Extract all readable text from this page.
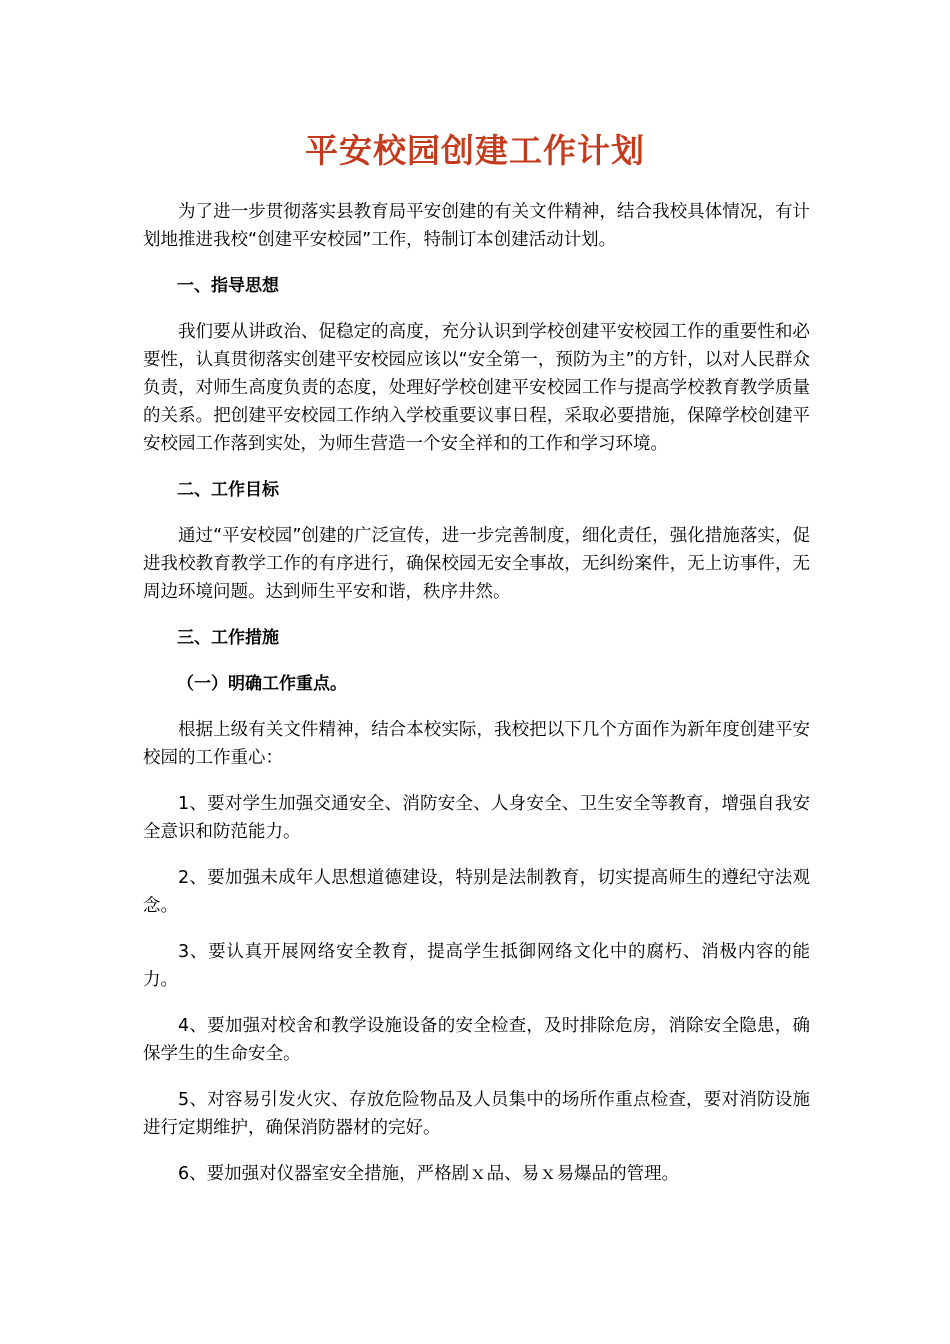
平安校园创建工作计划

为了进一步贯彻落实县教育局平安创建的有关文件精神，结合我校具体情况，有计划地推进我校“创建平安校园”工作，特制订本创建活动计划。

一、指导思想

我们要从讲政治、促稳定的高度，充分认识到学校创建平安校园工作的重要性和必要性，认真贯彻落实创建平安校园应该以“安全第一，预防为主”的方针，以对人民群众负责，对师生高度负责的态度，处理好学校创建平安校园工作与提高学校教育教学质量的关系。把创建平安校园工作纳入学校重要议事日程，采取必要措施，保障学校创建平安校园工作落到实处，为师生营造一个安全祥和的工作和学习环境。

二、工作目标

通过“平安校园”创建的广泛宣传，进一步完善制度，细化责任，强化措施落实，促进我校教育教学工作的有序进行，确保校园无安全事故，无纠纷案件，无上访事件，无周边环境问题。达到师生平安和谐，秩序井然。

三、工作措施

（一）明确工作重点。

根据上级有关文件精神，结合本校实际，我校把以下几个方面作为新年度创建平安校园的工作重心：

1、要对学生加强交通安全、消防安全、人身安全、卫生安全等教育，增强自我安全意识和防范能力。

2、要加强未成年人思想道德建设，特别是法制教育，切实提高师生的遵纪守法观念。

3、要认真开展网络安全教育，提高学生抵御网络文化中的腐朽、消极内容的能力。

4、要加强对校舍和教学设施设备的安全检查，及时排除危房，消除安全隐患，确保学生的生命安全。

5、对容易引发火灾、存放危险物品及人员集中的场所作重点检查，要对消防设施进行定期维护，确保消防器材的完好。

6、要加强对仪器室安全措施，严格剧ｘ品、易ｘ易爆品的管理。
